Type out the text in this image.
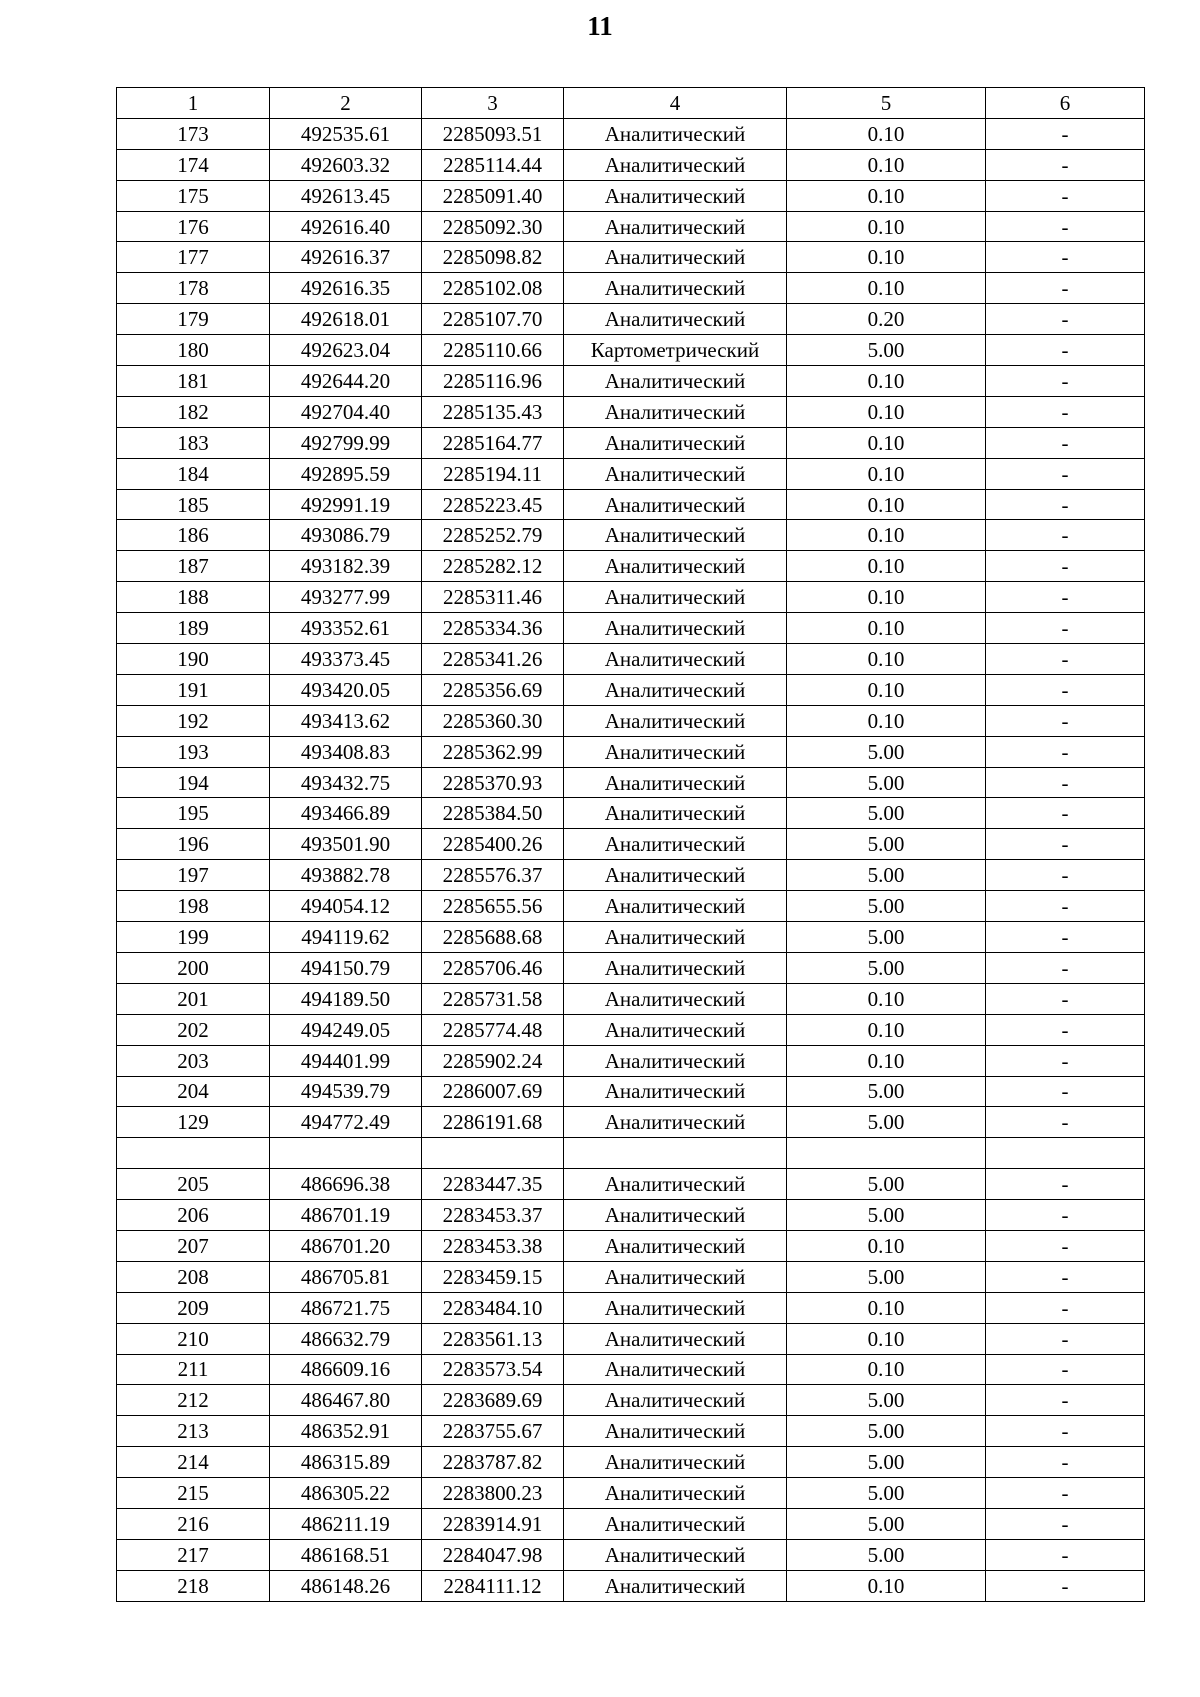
11
1	2	3	4	5	6
173	492535.61	2285093.51	Аналитический	0.10	-
174	492603.32	2285114.44	Аналитический	0.10	-
175	492613.45	2285091.40	Аналитический	0.10	-
176	492616.40	2285092.30	Аналитический	0.10	-
177	492616.37	2285098.82	Аналитический	0.10	-
178	492616.35	2285102.08	Аналитический	0.10	-
179	492618.01	2285107.70	Аналитический	0.20	-
180	492623.04	2285110.66	Картометрический	5.00	-
181	492644.20	2285116.96	Аналитический	0.10	-
182	492704.40	2285135.43	Аналитический	0.10	-
183	492799.99	2285164.77	Аналитический	0.10	-
184	492895.59	2285194.11	Аналитический	0.10	-
185	492991.19	2285223.45	Аналитический	0.10	-
186	493086.79	2285252.79	Аналитический	0.10	-
187	493182.39	2285282.12	Аналитический	0.10	-
188	493277.99	2285311.46	Аналитический	0.10	-
189	493352.61	2285334.36	Аналитический	0.10	-
190	493373.45	2285341.26	Аналитический	0.10	-
191	493420.05	2285356.69	Аналитический	0.10	-
192	493413.62	2285360.30	Аналитический	0.10	-
193	493408.83	2285362.99	Аналитический	5.00	-
194	493432.75	2285370.93	Аналитический	5.00	-
195	493466.89	2285384.50	Аналитический	5.00	-
196	493501.90	2285400.26	Аналитический	5.00	-
197	493882.78	2285576.37	Аналитический	5.00	-
198	494054.12	2285655.56	Аналитический	5.00	-
199	494119.62	2285688.68	Аналитический	5.00	-
200	494150.79	2285706.46	Аналитический	5.00	-
201	494189.50	2285731.58	Аналитический	0.10	-
202	494249.05	2285774.48	Аналитический	0.10	-
203	494401.99	2285902.24	Аналитический	0.10	-
204	494539.79	2286007.69	Аналитический	5.00	-
129	494772.49	2286191.68	Аналитический	5.00	-

205	486696.38	2283447.35	Аналитический	5.00	-
206	486701.19	2283453.37	Аналитический	5.00	-
207	486701.20	2283453.38	Аналитический	0.10	-
208	486705.81	2283459.15	Аналитический	5.00	-
209	486721.75	2283484.10	Аналитический	0.10	-
210	486632.79	2283561.13	Аналитический	0.10	-
211	486609.16	2283573.54	Аналитический	0.10	-
212	486467.80	2283689.69	Аналитический	5.00	-
213	486352.91	2283755.67	Аналитический	5.00	-
214	486315.89	2283787.82	Аналитический	5.00	-
215	486305.22	2283800.23	Аналитический	5.00	-
216	486211.19	2283914.91	Аналитический	5.00	-
217	486168.51	2284047.98	Аналитический	5.00	-
218	486148.26	2284111.12	Аналитический	0.10	-
